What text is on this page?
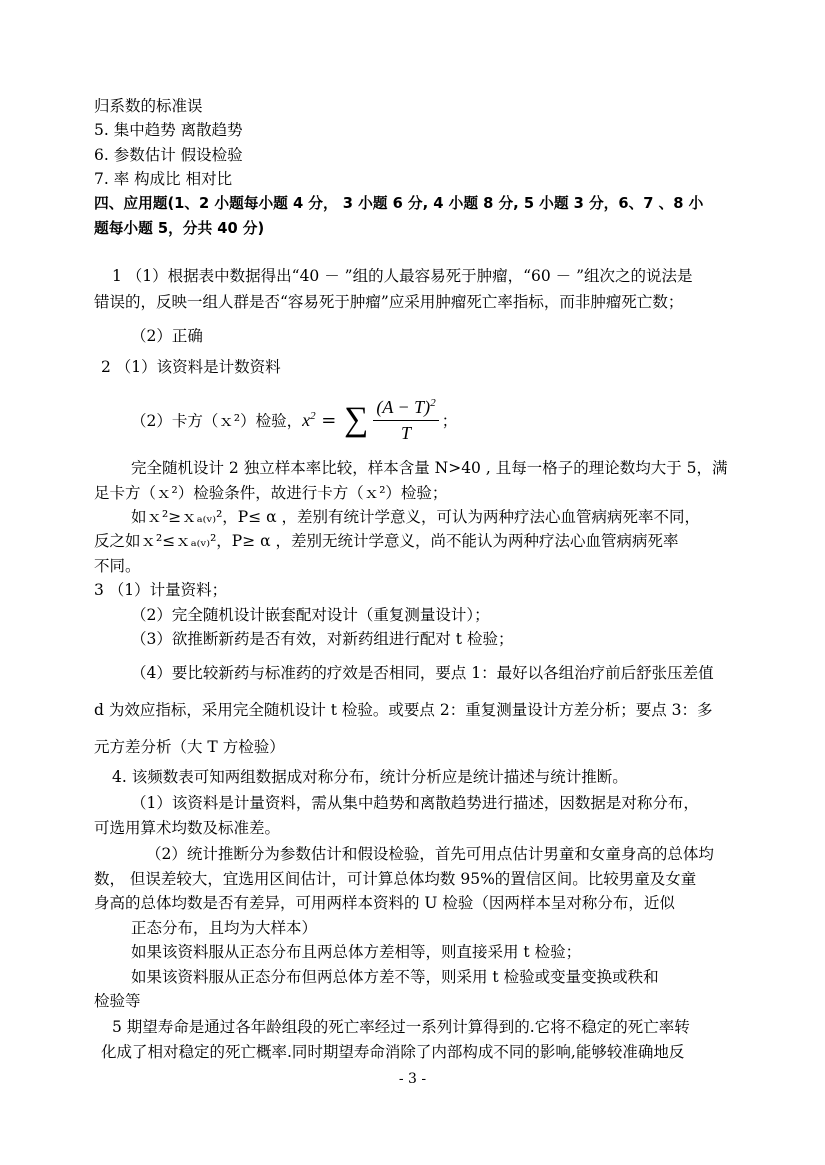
归系数的标准误
5. 集中趋势 离散趋势
6. 参数估计 假设检验
7. 率 构成比 相对比
四、应用题(1、2 小题每小题 4 分， 3 小题 6 分, 4 小题 8 分, 5 小题 3 分，6、7 、8 小
题每小题 5，分共 40 分)
1 （1）根据表中数据得出“40 － ”组的人最容易死于肿瘤，“60 － ”组次之的说法是
错误的，反映一组人群是否“容易死于肿瘤”应采用肿瘤死亡率指标，而非肿瘤死亡数；
（2）正确
2 （1）该资料是计数资料
（2）卡方（ｘ²）检验， $x^2$ = ∑ $\frac{(A - T)^2}{T}$ ；
完全随机设计 2 独立样本率比较，样本含量 N>40 , 且每一格子的理论数均大于 5，满
足卡方（ｘ²）检验条件，故进行卡方（ｘ²）检验；
如ｘ²≥ｘₐ₍ᵥ₎²，P≤ α ，差别有统计学意义，可认为两种疗法心血管病病死率不同，
反之如ｘ²≤ｘₐ₍ᵥ₎²，P≥ α ，差别无统计学意义，尚不能认为两种疗法心血管病病死率
不同。
3 （1）计量资料；
（2）完全随机设计嵌套配对设计（重复测量设计）；
（3）欲推断新药是否有效，对新药组进行配对 t 检验；
（4）要比较新药与标准药的疗效是否相同，要点 1：最好以各组治疗前后舒张压差值
d 为效应指标，采用完全随机设计 t 检验。或要点 2：重复测量设计方差分析；要点 3：多
元方差分析（大 T 方检验）
4. 该频数表可知两组数据成对称分布，统计分析应是统计描述与统计推断。
（1）该资料是计量资料，需从集中趋势和离散趋势进行描述，因数据是对称分布，
可选用算术均数及标准差。
（2）统计推断分为参数估计和假设检验，首先可用点估计男童和女童身高的总体均
数， 但误差较大，宜选用区间估计，可计算总体均数 95%的置信区间。比较男童及女童
身高的总体均数是否有差异，可用两样本资料的 U 检验（因两样本呈对称分布，近似
正态分布，且均为大样本）
如果该资料服从正态分布且两总体方差相等，则直接采用 t 检验；
如果该资料服从正态分布但两总体方差不等，则采用 t 检验或变量变换或秩和
检验等
5 期望寿命是通过各年龄组段的死亡率经过一系列计算得到的.它将不稳定的死亡率转
化成了相对稳定的死亡概率.同时期望寿命消除了内部构成不同的影响,能够较准确地反
- 3 -
